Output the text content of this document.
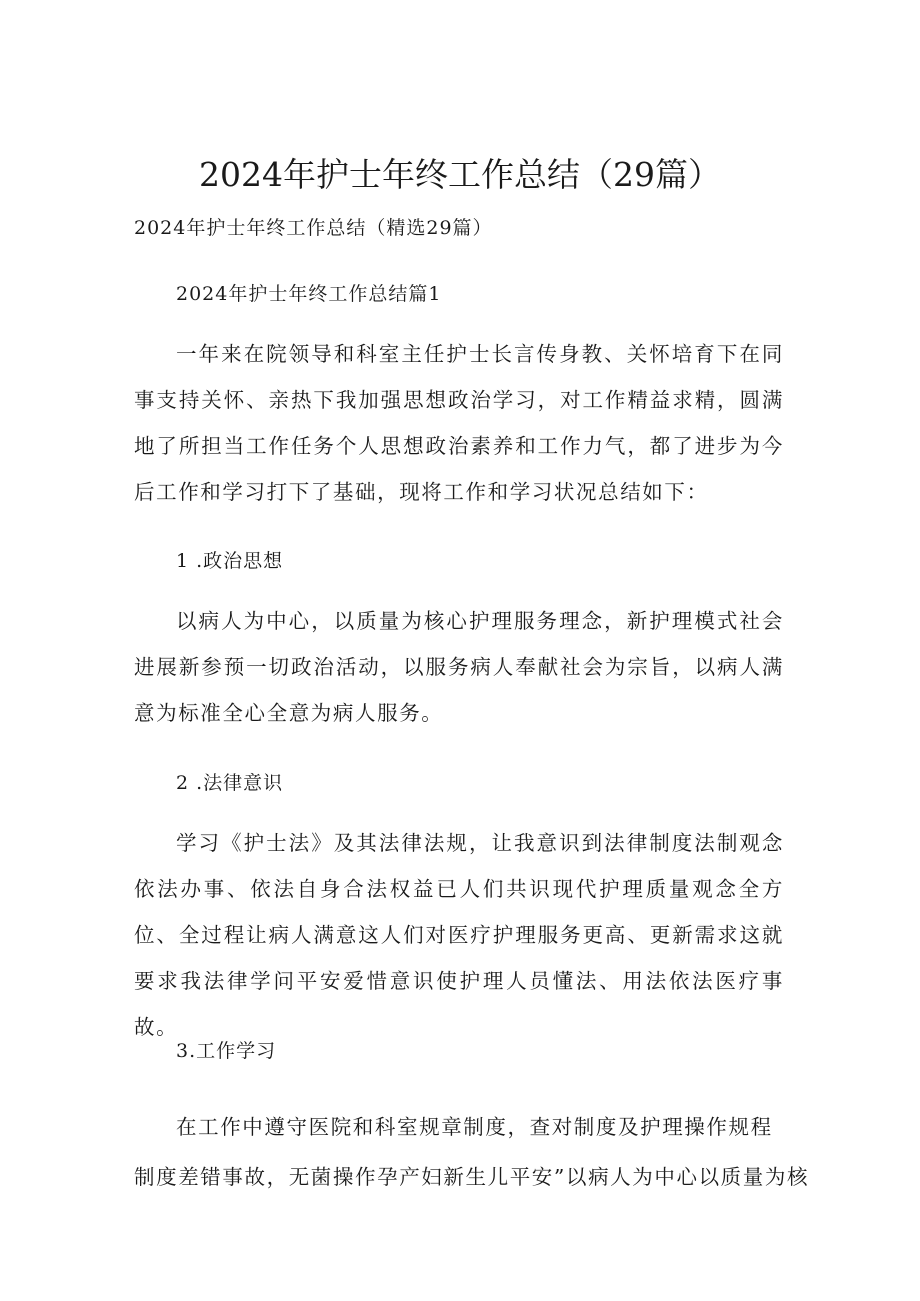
2024年护士年终工作总结（29篇）
2024年护士年终工作总结（精选29篇）
2024年护士年终工作总结篇1
一年来在院领导和科室主任护士长言传身教、关怀培育下在同事支持关怀、亲热下我加强思想政治学习，对工作精益求精，圆满地了所担当工作任务个人思想政治素养和工作力气，都了进步为今后工作和学习打下了基础，现将工作和学习状况总结如下：
1 .政治思想
以病人为中心，以质量为核心护理服务理念，新护理模式社会进展新参预一切政治活动，以服务病人奉献社会为宗旨，以病人满意为标准全心全意为病人服务。
2 .法律意识
学习《护士法》及其法律法规，让我意识到法律制度法制观念依法办事、依法自身合法权益已人们共识现代护理质量观念全方位、全过程让病人满意这人们对医疗护理服务更高、更新需求这就要求我法律学问平安爱惜意识使护理人员懂法、用法依法医疗事故。
3.工作学习
在工作中遵守医院和科室规章制度，查对制度及护理操作规程
制度差错事故，无菌操作孕产妇新生儿平安”以病人为中心以质量为核
